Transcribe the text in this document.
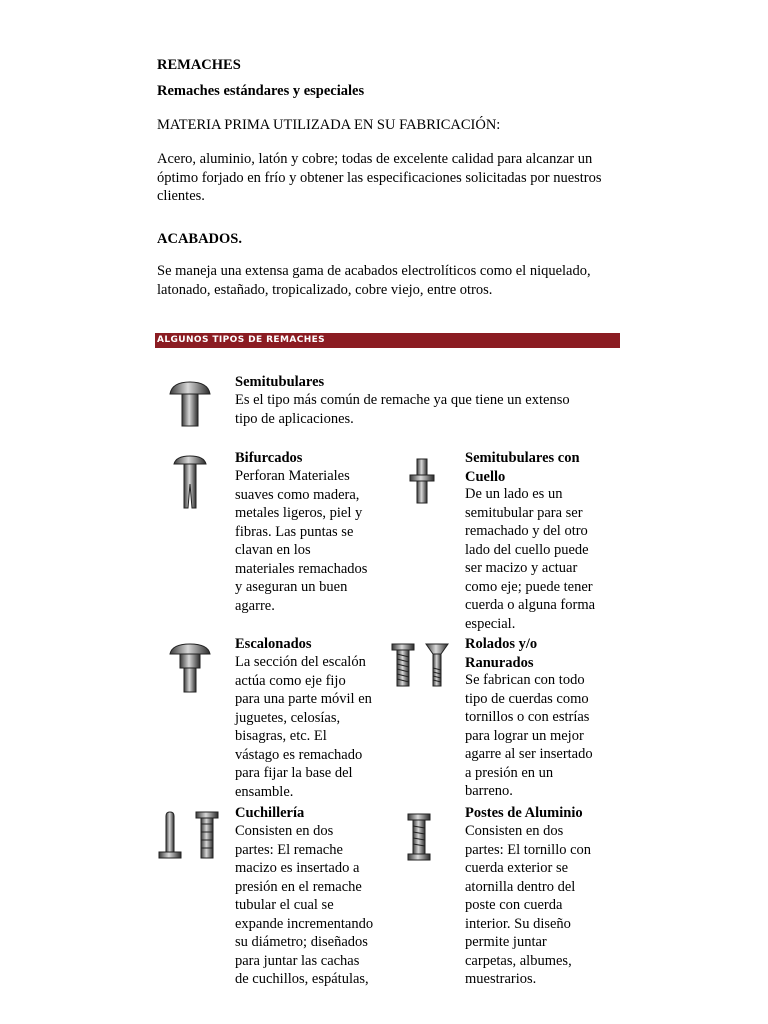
REMACHES
Remaches estándares y especiales
MATERIA PRIMA UTILIZADA EN SU FABRICACIÓN:
Acero, aluminio, latón y cobre; todas de excelente calidad para alcanzar un
óptimo forjado en frío y obtener las especificaciones solicitadas por nuestros
clientes.
ACABADOS.
Se maneja una extensa gama de acabados electrolíticos como el niquelado,
latonado, estañado, tropicalizado, cobre viejo, entre otros.
ALGUNOS TIPOS DE REMACHES
Semitubulares
Es el tipo más común de remache ya que tiene un extenso
tipo de aplicaciones.
Bifurcados
Perforan Materiales
suaves como madera,
metales ligeros, piel y
fibras. Las puntas se
clavan en los
materiales remachados
y aseguran un buen
agarre.
Semitubulares con
Cuello
De un lado es un
semitubular para ser
remachado y del otro
lado del cuello puede
ser macizo y actuar
como eje; puede tener
cuerda o alguna forma
especial.
Escalonados
La sección del escalón
actúa como eje fijo
para una parte móvil en
juguetes, celosías,
bisagras, etc. El
vástago es remachado
para fijar la base del
ensamble.
Rolados y/o
Ranurados
Se fabrican con todo
tipo de cuerdas como
tornillos o con estrías
para lograr un mejor
agarre al ser insertado
a presión en un
barreno.
Cuchillería
Consisten en dos
partes: El remache
macizo es insertado a
presión en el remache
tubular el cual se
expande incrementando
su diámetro; diseñados
para juntar las cachas
de cuchillos, espátulas,
Postes de Aluminio
Consisten en dos
partes: El tornillo con
cuerda exterior se
atornilla dentro del
poste con cuerda
interior. Su diseño
permite juntar
carpetas, albumes,
muestrarios.
